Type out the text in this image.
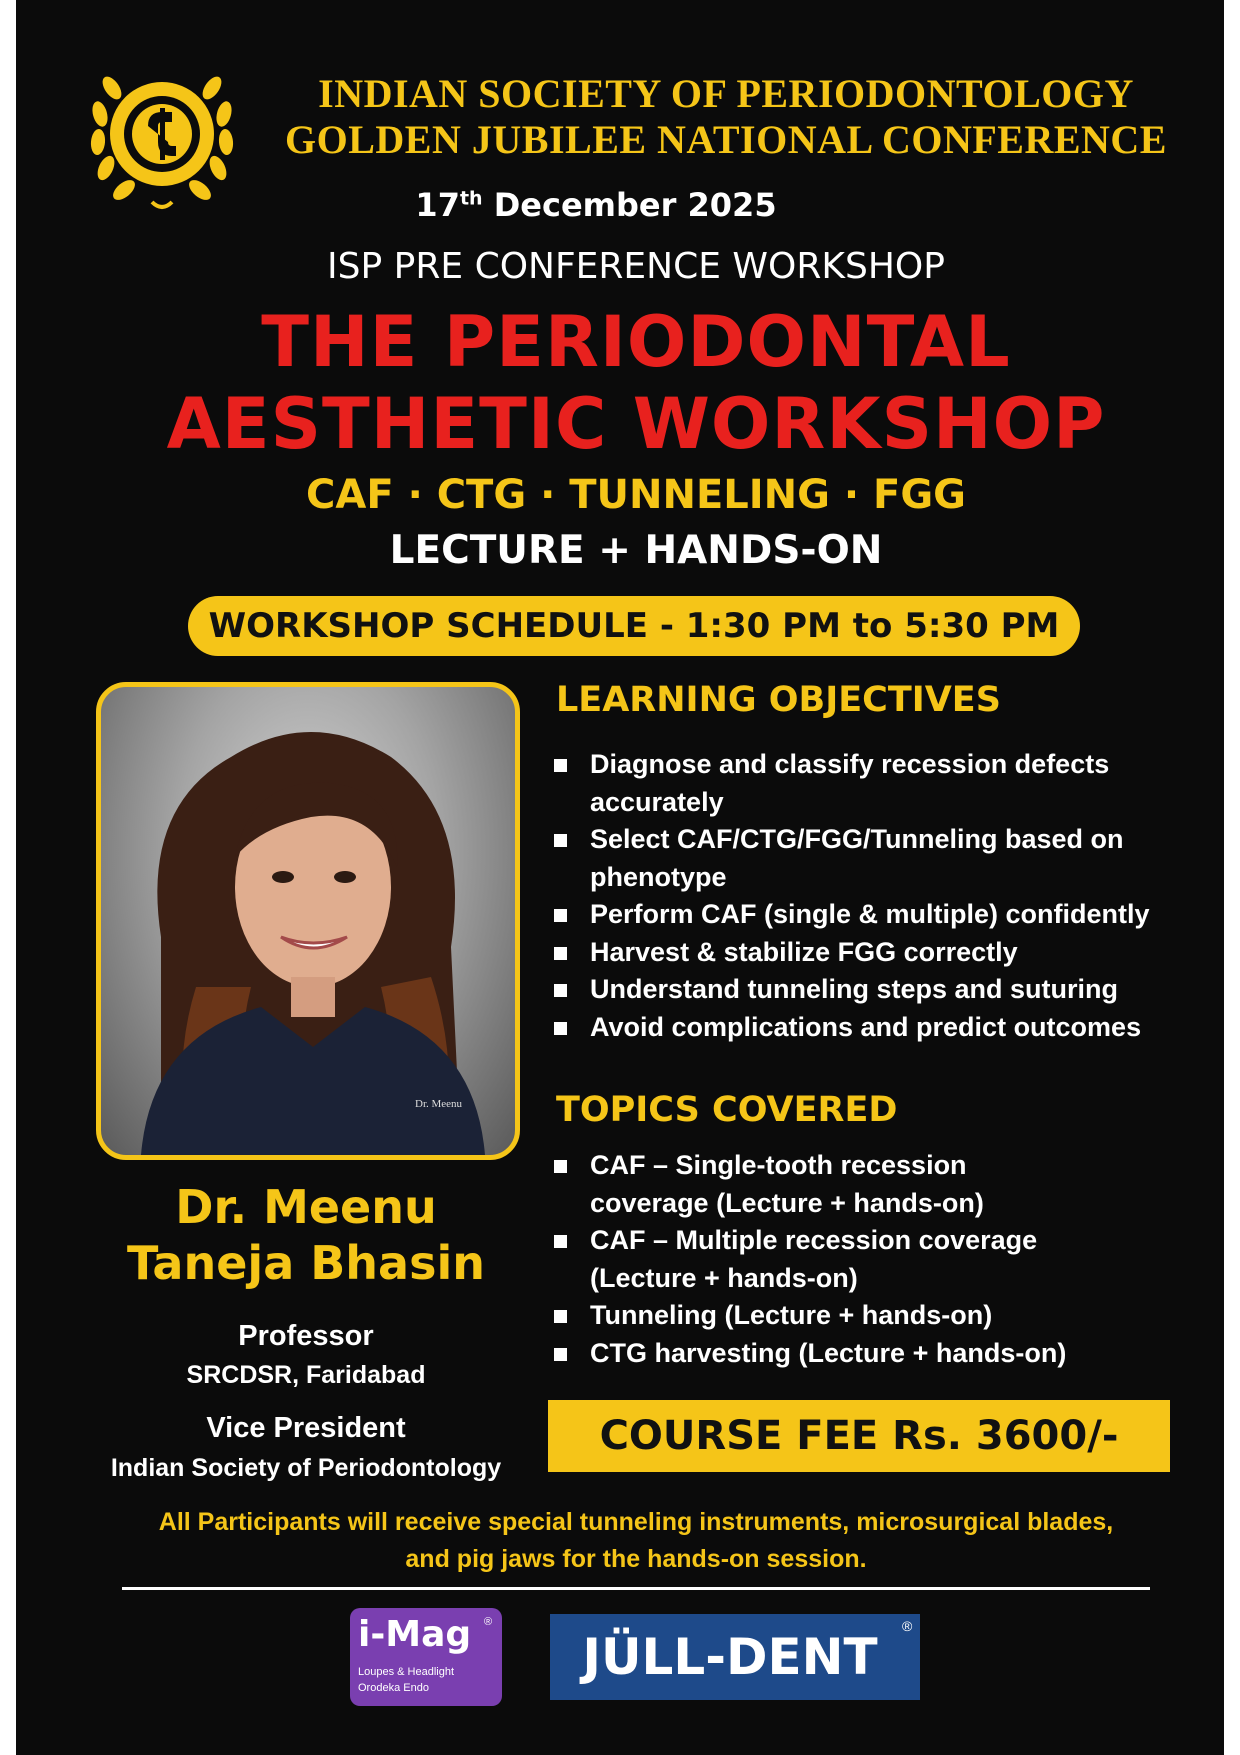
INDIAN SOCIETY OF PERIODONTOLOGY
GOLDEN JUBILEE NATIONAL CONFERENCE
17th December 2025
ISP PRE CONFERENCE WORKSHOP
THE PERIODONTAL
AESTHETIC WORKSHOP
CAF · CTG · TUNNELING · FGG
LECTURE + HANDS-ON
WORKSHOP SCHEDULE - 1:30 PM to 5:30 PM
Dr. Meenu
Dr. Meenu
Taneja Bhasin
Professor
SRCDSR, Faridabad
Vice President
Indian Society of Periodontology
LEARNING OBJECTIVES
Diagnose and classify recession defects accurately
Select CAF/CTG/FGG/Tunneling based on phenotype
Perform CAF (single & multiple) confidently
Harvest & stabilize FGG correctly
Understand tunneling steps and suturing
Avoid complications and predict outcomes
TOPICS COVERED
CAF – Single-tooth recession coverage (Lecture + hands-on)
CAF – Multiple recession coverage (Lecture + hands-on)
Tunneling (Lecture + hands-on)
CTG harvesting (Lecture + hands-on)
COURSE FEE Rs. 3600/-
All Participants will receive special tunneling instruments, microsurgical blades,
and pig jaws for the hands-on session.
i-Mag ®
Loupes & Headlight
Orodeka Endo
JÜLL-DENT
®
